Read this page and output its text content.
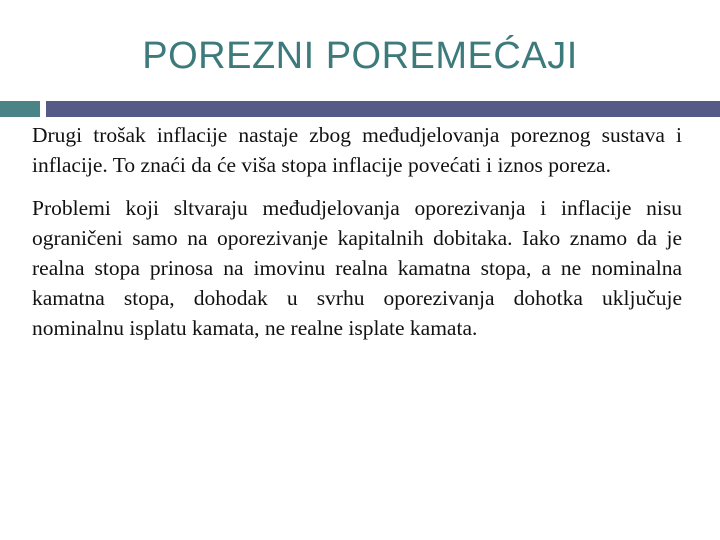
POREZNI POREMEĆAJI

Drugi trošak inflacije nastaje zbog međudjelovanja poreznog sustava i inflacije. To znaći da će viša stopa inflacije povećati i iznos poreza.

Problemi koji sltvaraju međudjelovanja oporezivanja i inflacije nisu ograničeni samo na oporezivanje kapitalnih dobitaka. Iako znamo da je realna stopa prinosa na imovinu realna kamatna stopa, a ne nominalna kamatna stopa, dohodak u svrhu oporezivanja dohotka uključuje nominalnu isplatu kamata, ne realne isplate kamata.
